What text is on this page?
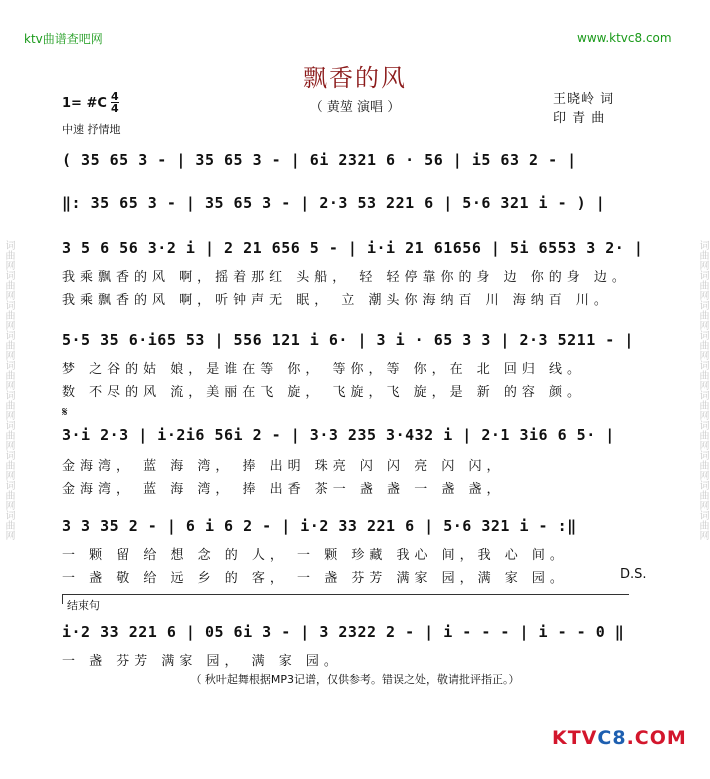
词曲网词曲网词曲网词曲网词曲网词曲网词曲网词曲网词曲网词曲网	词曲网词曲网词曲网词曲网词曲网词曲网词曲网词曲网词曲网词曲网
ktv曲谱查吧网	www.ktvc8.com
飘香的风
（ 黄堃 演唱 ）
1= #C $\frac{4}{4}$
中速 抒情地
王晓岭 词
印 青 曲
( 35 65 3 - | 35 65 3 - | 6i 2321 6 · 56 | i5 63 2 - |
‖: 35 65 3 - | 35 65 3 - | 2·3 53 221 6 | 5·6 321 i - ) |
3 5 6 56 3·2 i | 2 21 656 5 - | i·i 21 61656 | 5i 6553 3 2· |
我乘飘香的风 啊，摇着那红 头船， 轻 轻停靠你的身 边 你的身 边。
我乘飘香的风 啊，听钟声无 眠， 立 潮头你海纳百 川 海纳百 川。
5·5 35 6·i65 53 | 556 121 i 6· | 3 i · 65 3 3 | 2·3 5211 - |
梦 之谷的姑 娘，是谁在等 你， 等你，等 你，在 北 回归 线。
数 不尽的风 流，美丽在飞 旋， 飞旋，飞 旋，是 新 的容 颜。
𝄋
3·i 2·3 | i·2i6 56i 2 - | 3·3 235 3·432 i | 2·1 3i6 6 5· |
金海湾， 蓝 海 湾， 捧 出明 珠亮 闪 闪 亮 闪 闪，
金海湾， 蓝 海 湾， 捧 出香 茶一 盏 盏 一 盏 盏，
3 3 35 2 - | 6 i 6 2 - | i·2 33 221 6 | 5·6 321 i - :‖
一 颗 留 给 想 念 的 人， 一 颗 珍藏 我心 间，我 心 间。
一 盏 敬 给 远 乡 的 客， 一 盏 芬芳 满家 园，满 家 园。	D.S.
结束句
i·2 33 221 6 | 05 6i 3 - | 3 2322 2 - | i - - - | i - - 0 ‖
一 盏 芬芳 满家 园， 满 家 园。
（ 秋叶起舞根据MP3记谱，仅供参考。错误之处，敬请批评指正。）
KTVC8.COM
